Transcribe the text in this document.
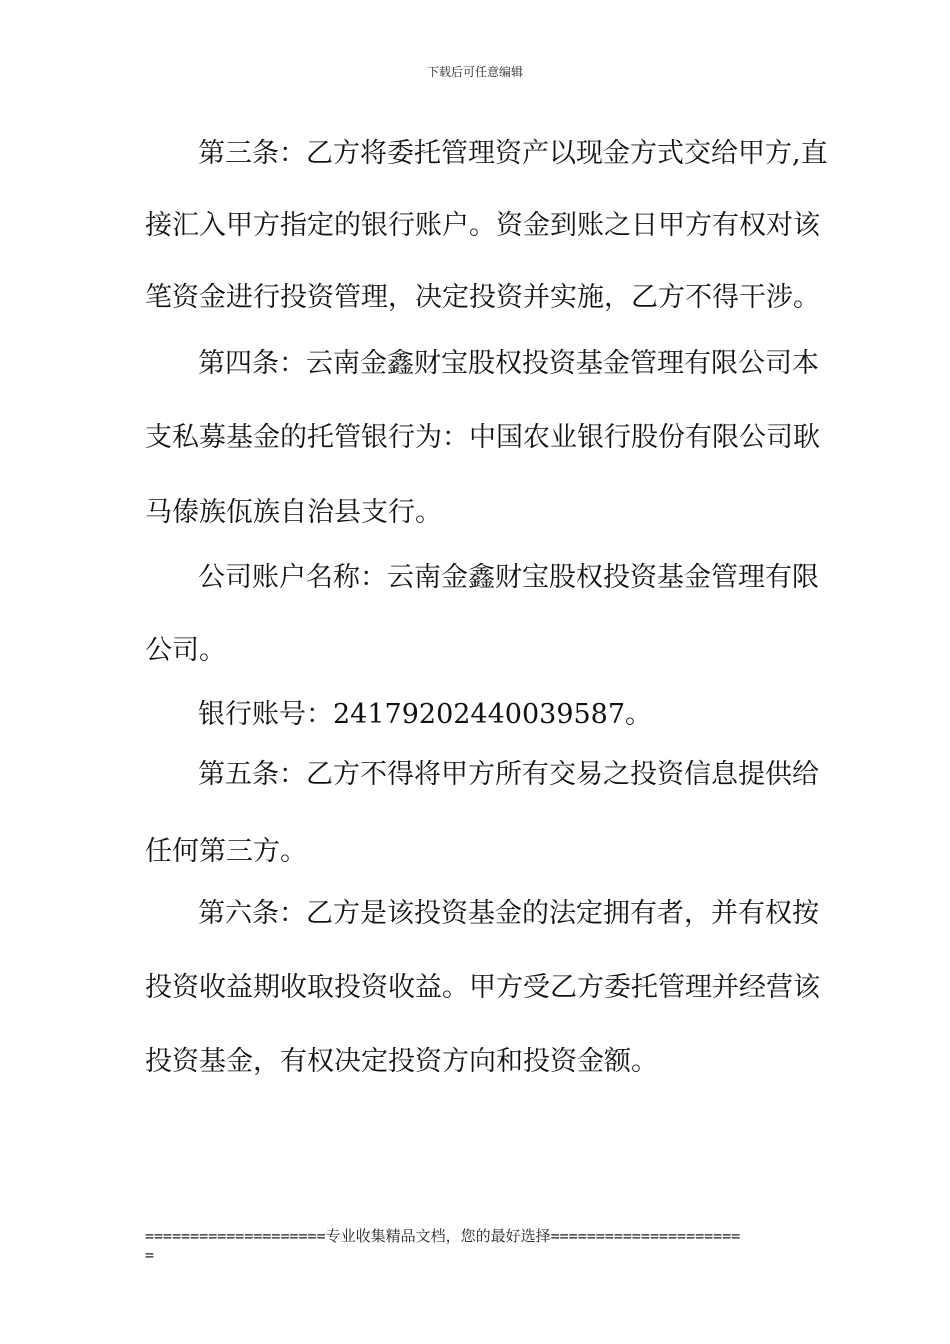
下载后可任意编辑
第三条：乙方将委托管理资产以现金方式交给甲方,直
接汇入甲方指定的银行账户。资金到账之日甲方有权对该
笔资金进行投资管理，决定投资并实施，乙方不得干涉。
第四条：云南金鑫财宝股权投资基金管理有限公司本
支私募基金的托管银行为：中国农业银行股份有限公司耿
马傣族佤族自治县支行。
公司账户名称：云南金鑫财宝股权投资基金管理有限
公司。
银行账号：24179202440039587。
第五条：乙方不得将甲方所有交易之投资信息提供给
任何第三方。
第六条：乙方是该投资基金的法定拥有者，并有权按
投资收益期收取投资收益。甲方受乙方委托管理并经营该
投资基金，有权决定投资方向和投资金额。
====================专业收集精品文档，您的最好选择=====================
=
